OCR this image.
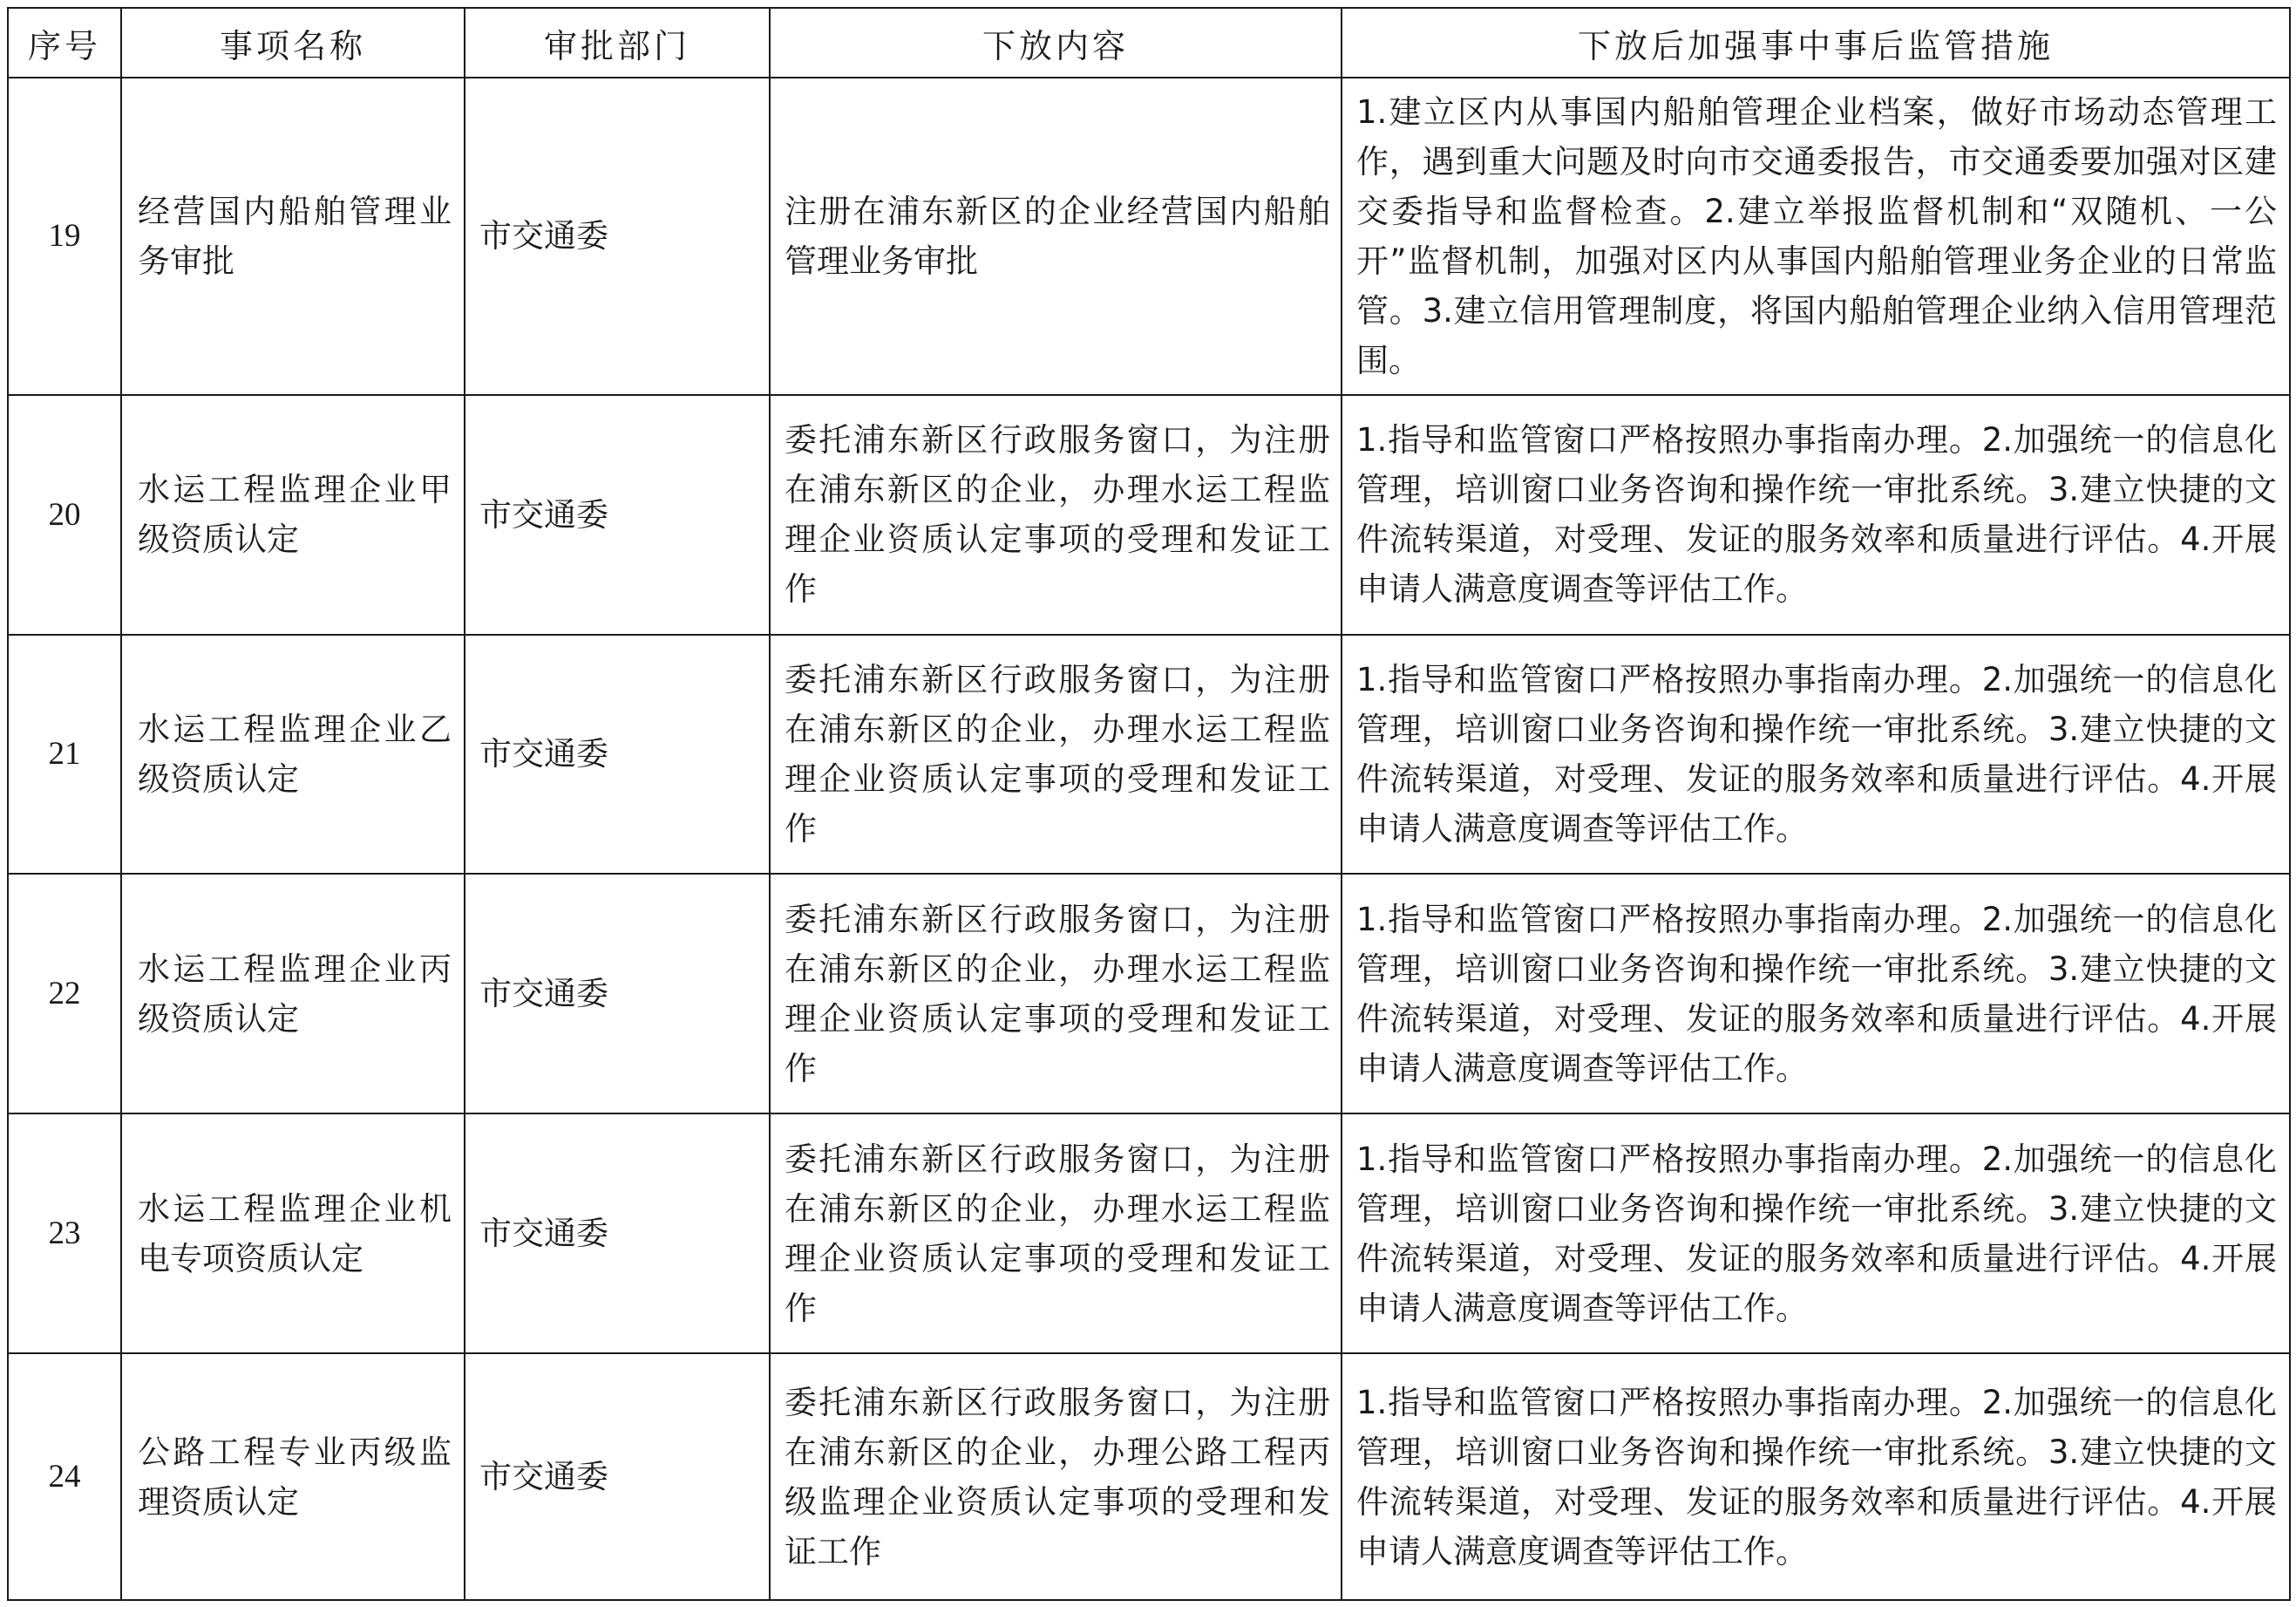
序号	事项名称	审批部门	下放内容	下放后加强事中事后监管措施
19	经营国内船舶管理业务审批	市交通委	注册在浦东新区的企业经营国内船舶管理业务审批	1.建立区内从事国内船舶管理企业档案，做好市场动态管理工作，遇到重大问题及时向市交通委报告，市交通委要加强对区建交委指导和监督检查。2.建立举报监督机制和“双随机、一公开”监督机制，加强对区内从事国内船舶管理业务企业的日常监管。3.建立信用管理制度，将国内船舶管理企业纳入信用管理范围。
20	水运工程监理企业甲级资质认定	市交通委	委托浦东新区行政服务窗口，为注册在浦东新区的企业，办理水运工程监理企业资质认定事项的受理和发证工作	1.指导和监管窗口严格按照办事指南办理。2.加强统一的信息化管理，培训窗口业务咨询和操作统一审批系统。3.建立快捷的文件流转渠道，对受理、发证的服务效率和质量进行评估。4.开展申请人满意度调查等评估工作。
21	水运工程监理企业乙级资质认定	市交通委	委托浦东新区行政服务窗口，为注册在浦东新区的企业，办理水运工程监理企业资质认定事项的受理和发证工作	1.指导和监管窗口严格按照办事指南办理。2.加强统一的信息化管理，培训窗口业务咨询和操作统一审批系统。3.建立快捷的文件流转渠道，对受理、发证的服务效率和质量进行评估。4.开展申请人满意度调查等评估工作。
22	水运工程监理企业丙级资质认定	市交通委	委托浦东新区行政服务窗口，为注册在浦东新区的企业，办理水运工程监理企业资质认定事项的受理和发证工作	1.指导和监管窗口严格按照办事指南办理。2.加强统一的信息化管理，培训窗口业务咨询和操作统一审批系统。3.建立快捷的文件流转渠道，对受理、发证的服务效率和质量进行评估。4.开展申请人满意度调查等评估工作。
23	水运工程监理企业机电专项资质认定	市交通委	委托浦东新区行政服务窗口，为注册在浦东新区的企业，办理水运工程监理企业资质认定事项的受理和发证工作	1.指导和监管窗口严格按照办事指南办理。2.加强统一的信息化管理，培训窗口业务咨询和操作统一审批系统。3.建立快捷的文件流转渠道，对受理、发证的服务效率和质量进行评估。4.开展申请人满意度调查等评估工作。
24	公路工程专业丙级监理资质认定	市交通委	委托浦东新区行政服务窗口，为注册在浦东新区的企业，办理公路工程丙级监理企业资质认定事项的受理和发证工作	1.指导和监管窗口严格按照办事指南办理。2.加强统一的信息化管理，培训窗口业务咨询和操作统一审批系统。3.建立快捷的文件流转渠道，对受理、发证的服务效率和质量进行评估。4.开展申请人满意度调查等评估工作。
